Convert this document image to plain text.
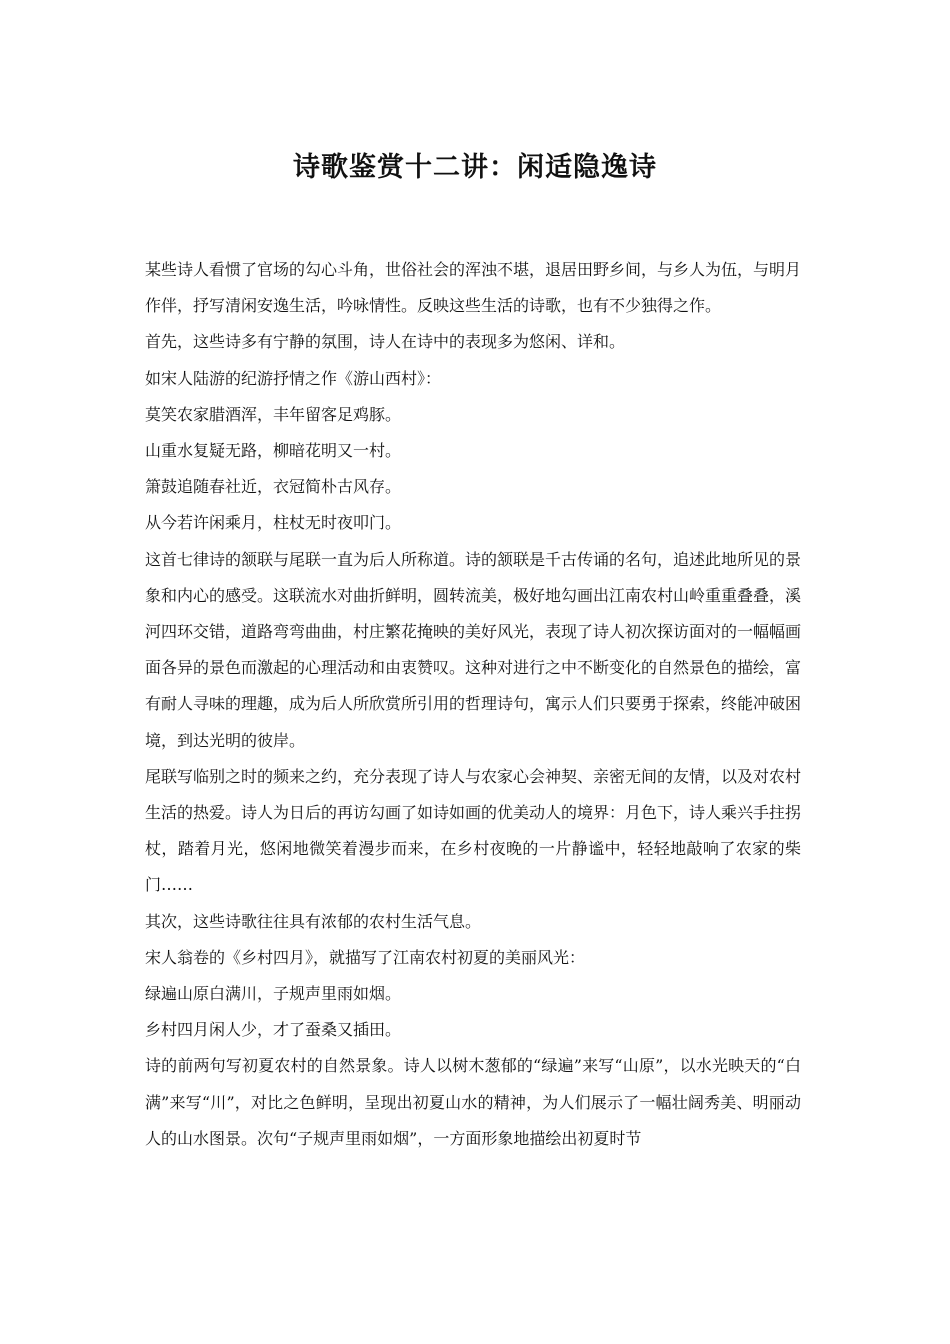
诗歌鉴赏十二讲：闲适隐逸诗

某些诗人看惯了官场的勾心斗角，世俗社会的浑浊不堪，退居田野乡间，与乡人为伍，与明月作伴，抒写清闲安逸生活，吟咏情性。反映这些生活的诗歌，也有不少独得之作。

首先，这些诗多有宁静的氛围，诗人在诗中的表现多为悠闲、详和。

如宋人陆游的纪游抒情之作《游山西村》：

莫笑农家腊酒浑，丰年留客足鸡豚。

山重水复疑无路，柳暗花明又一村。

箫鼓追随春社近，衣冠简朴古风存。

从今若许闲乘月，柱杖无时夜叩门。

这首七律诗的颔联与尾联一直为后人所称道。诗的颔联是千古传诵的名句，追述此地所见的景象和内心的感受。这联流水对曲折鲜明，圆转流美，极好地勾画出江南农村山岭重重叠叠，溪河四环交错，道路弯弯曲曲，村庄繁花掩映的美好风光，表现了诗人初次探访面对的一幅幅画面各异的景色而激起的心理活动和由衷赞叹。这种对进行之中不断变化的自然景色的描绘，富有耐人寻味的理趣，成为后人所欣赏所引用的哲理诗句，寓示人们只要勇于探索，终能冲破困境，到达光明的彼岸。

尾联写临别之时的频来之约，充分表现了诗人与农家心会神契、亲密无间的友情，以及对农村生活的热爱。诗人为日后的再访勾画了如诗如画的优美动人的境界：月色下，诗人乘兴手拄拐杖，踏着月光，悠闲地微笑着漫步而来，在乡村夜晚的一片静谧中，轻轻地敲响了农家的柴门……

其次，这些诗歌往往具有浓郁的农村生活气息。

宋人翁卷的《乡村四月》，就描写了江南农村初夏的美丽风光：

绿遍山原白满川，子规声里雨如烟。

乡村四月闲人少，才了蚕桑又插田。

诗的前两句写初夏农村的自然景象。诗人以树木葱郁的“绿遍”来写“山原”，以水光映天的“白满”来写“川”，对比之色鲜明，呈现出初夏山水的精神，为人们展示了一幅壮阔秀美、明丽动人的山水图景。次句“子规声里雨如烟”，一方面形象地描绘出初夏时节
